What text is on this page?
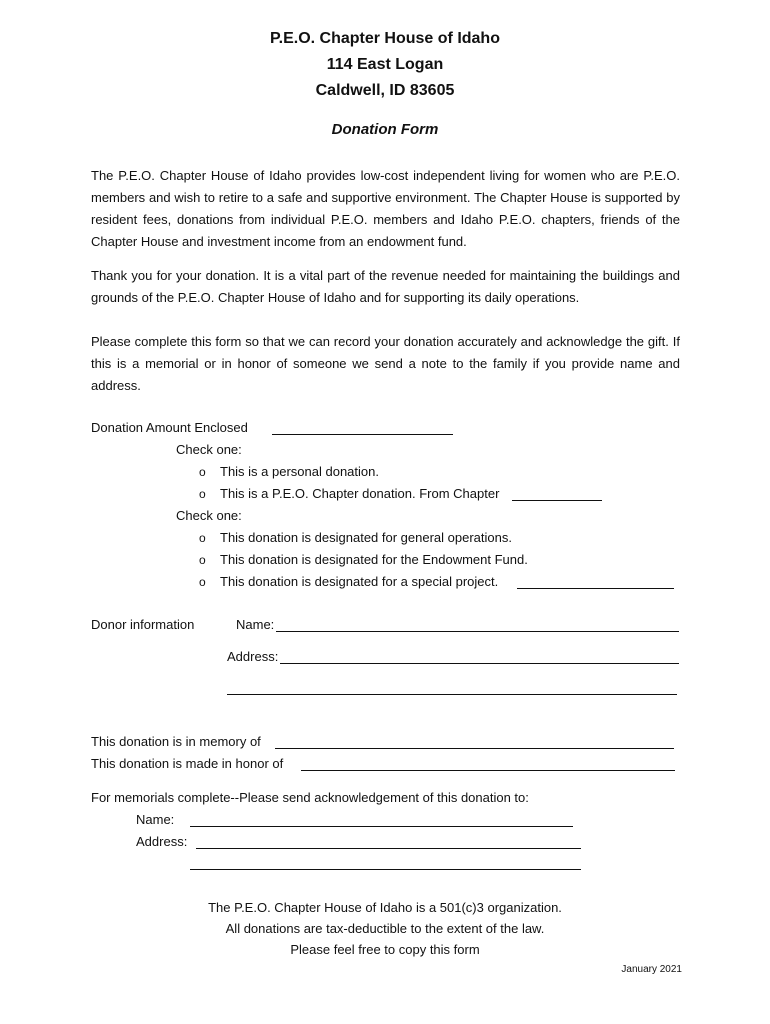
P.E.O. Chapter House of Idaho
114 East Logan
Caldwell, ID 83605
Donation Form

The P.E.O. Chapter House of Idaho provides low-cost independent living for women who are P.E.O. members and wish to retire to a safe and supportive environment. The Chapter House is supported by resident fees, donations from individual P.E.O. members and Idaho P.E.O. chapters, friends of the Chapter House and investment income from an endowment fund.

Thank you for your donation. It is a vital part of the revenue needed for maintaining the buildings and grounds of the P.E.O. Chapter House of Idaho and for supporting its daily operations.

Please complete this form so that we can record your donation accurately and acknowledge the gift. If this is a memorial or in honor of someone we send a note to the family if you provide name and address.

Donation Amount Enclosed
Check one:
o This is a personal donation.
o This is a P.E.O. Chapter donation. From Chapter
Check one:
o This donation is designated for general operations.
o This donation is designated for the Endowment Fund.
o This donation is designated for a special project.
Donor information	Name:
Address:
This donation is in memory of
This donation is made in honor of
For memorials complete--Please send acknowledgement of this donation to:
Name:
Address:
The P.E.O. Chapter House of Idaho is a 501(c)3 organization.
All donations are tax-deductible to the extent of the law.
Please feel free to copy this form
January 2021
